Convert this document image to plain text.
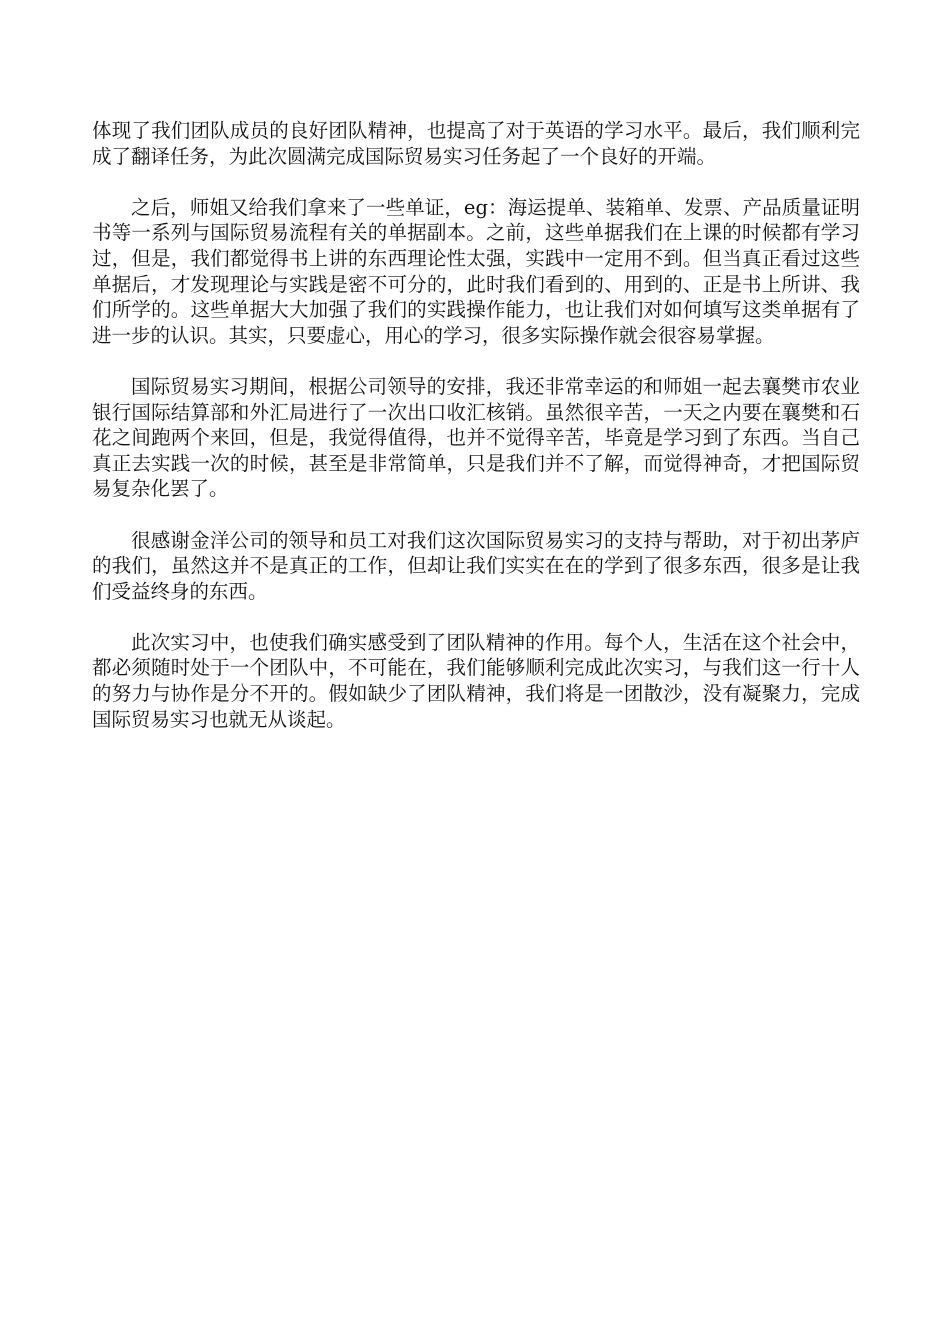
体现了我们团队成员的良好团队精神，也提高了对于英语的学习水平。最后，我们顺利完成了翻译任务，为此次圆满完成国际贸易实习任务起了一个良好的开端。

之后，师姐又给我们拿来了一些单证，eg：海运提单、装箱单、发票、产品质量证明书等一系列与国际贸易流程有关的单据副本。之前，这些单据我们在上课的时候都有学习过，但是，我们都觉得书上讲的东西理论性太强，实践中一定用不到。但当真正看过这些单据后，才发现理论与实践是密不可分的，此时我们看到的、用到的、正是书上所讲、我们所学的。这些单据大大加强了我们的实践操作能力，也让我们对如何填写这类单据有了进一步的认识。其实，只要虚心，用心的学习，很多实际操作就会很容易掌握。

国际贸易实习期间，根据公司领导的安排，我还非常幸运的和师姐一起去襄樊市农业银行国际结算部和外汇局进行了一次出口收汇核销。虽然很辛苦，一天之内要在襄樊和石花之间跑两个来回，但是，我觉得值得，也并不觉得辛苦，毕竟是学习到了东西。当自己真正去实践一次的时候，甚至是非常简单，只是我们并不了解，而觉得神奇，才把国际贸易复杂化罢了。

很感谢金洋公司的领导和员工对我们这次国际贸易实习的支持与帮助，对于初出茅庐的我们，虽然这并不是真正的工作，但却让我们实实在在的学到了很多东西，很多是让我们受益终身的东西。

此次实习中，也使我们确实感受到了团队精神的作用。每个人，生活在这个社会中，都必须随时处于一个团队中，不可能在，我们能够顺利完成此次实习，与我们这一行十人的努力与协作是分不开的。假如缺少了团队精神，我们将是一团散沙，没有凝聚力，完成国际贸易实习也就无从谈起。
